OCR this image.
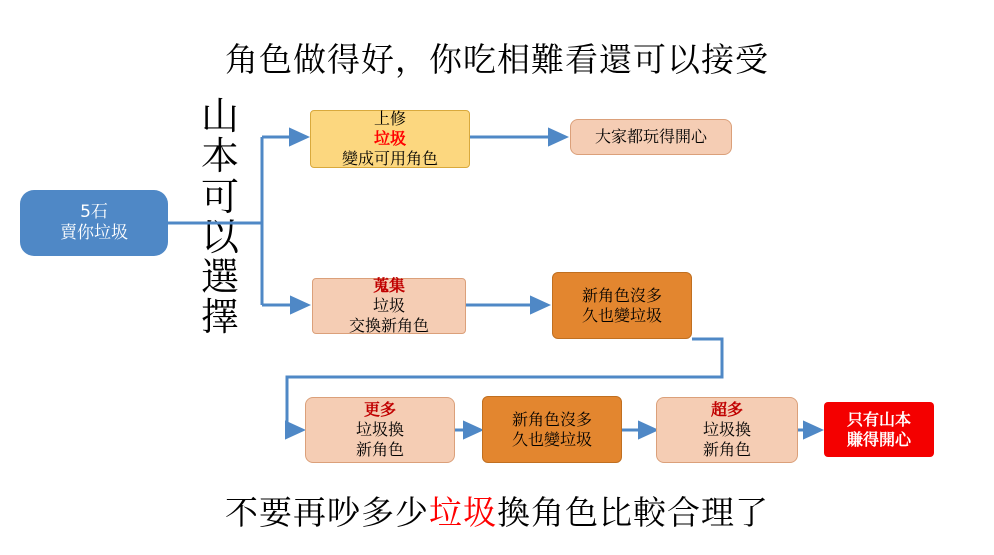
角色做得好，你吃相難看還可以接受
山
本
可
以
選
擇
5石
賣你垃圾
上修
垃圾
變成可用角色
大家都玩得開心
蒐集
垃圾
交換新角色
新角色沒多
久也變垃圾
更多
垃圾換
新角色
新角色沒多
久也變垃圾
超多
垃圾換
新角色
只有山本
賺得開心
不要再吵多少垃圾換角色比較合理了
